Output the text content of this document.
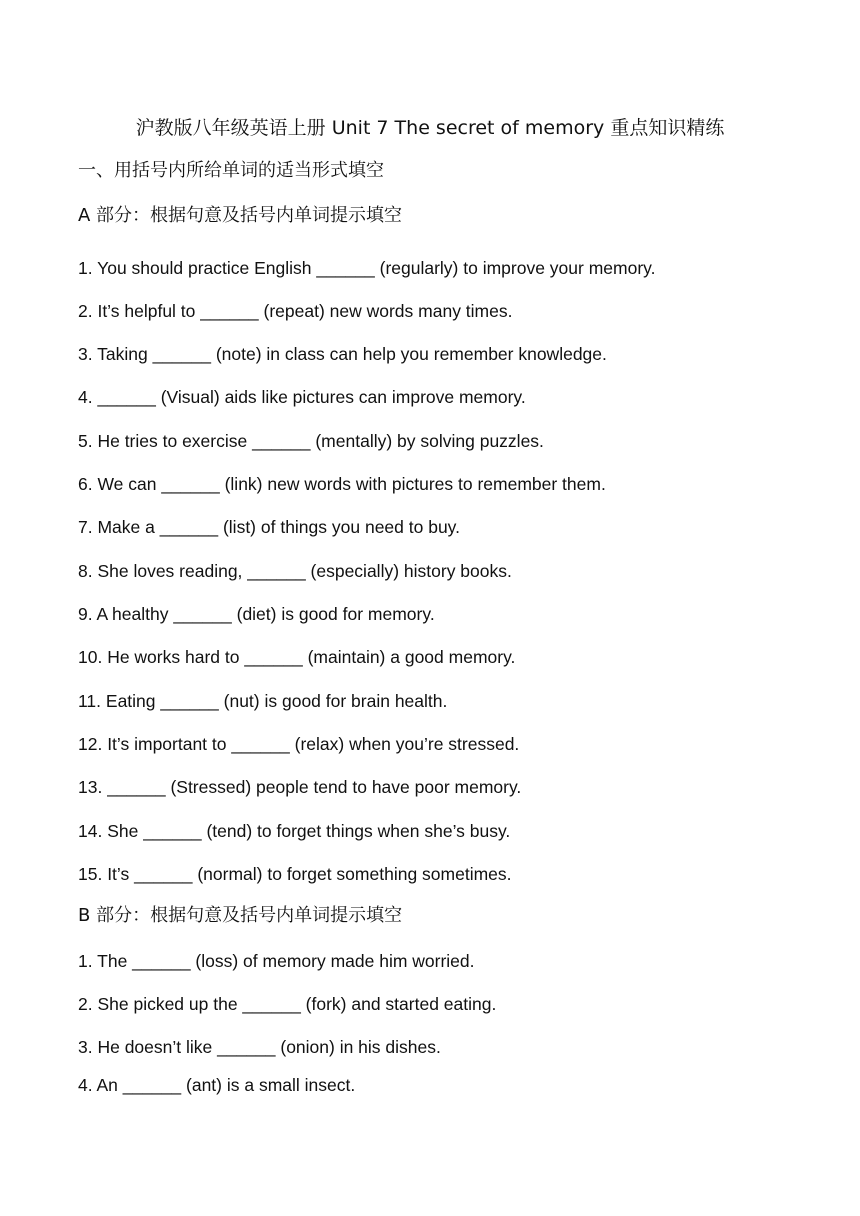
沪教版八年级英语上册 Unit 7 The secret of memory 重点知识精练
一、用括号内所给单词的适当形式填空
A 部分：根据句意及括号内单词提示填空
1. You should practice English ______ (regularly) to improve your memory.
2. It’s helpful to ______ (repeat) new words many times.
3. Taking ______ (note) in class can help you remember knowledge.
4. ______ (Visual) aids like pictures can improve memory.
5. He tries to exercise ______ (mentally) by solving puzzles.
6. We can ______ (link) new words with pictures to remember them.
7. Make a ______ (list) of things you need to buy.
8. She loves reading, ______ (especially) history books.
9. A healthy ______ (diet) is good for memory.
10. He works hard to ______ (maintain) a good memory.
11. Eating ______ (nut) is good for brain health.
12. It’s important to ______ (relax) when you’re stressed.
13. ______ (Stressed) people tend to have poor memory.
14. She ______ (tend) to forget things when she’s busy.
15. It’s ______ (normal) to forget something sometimes.
B 部分：根据句意及括号内单词提示填空
1. The ______ (loss) of memory made him worried.
2. She picked up the ______ (fork) and started eating.
3. He doesn’t like ______ (onion) in his dishes.
4. An ______ (ant) is a small insect.
